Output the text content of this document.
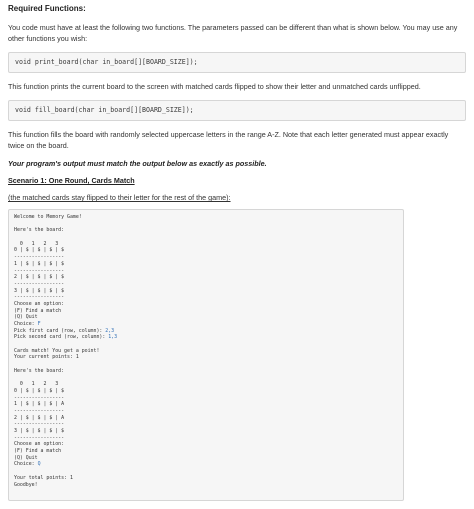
Required Functions:
You code must have at least the following two functions. The parameters passed can be different than what is shown below. You may use any other functions you wish:
void print_board(char in_board[][BOARD_SIZE]);
This function prints the current board to the screen with matched cards flipped to show their letter and unmatched cards unflipped.
void fill_board(char in_board[][BOARD_SIZE]);
This function fills the board with randomly selected uppercase letters in the range A-Z. Note that each letter generated must appear exactly twice on the board.
Your program's output must match the output below as exactly as possible.
Scenario 1: One Round, Cards Match
(the matched cards stay flipped to their letter for the rest of the game):
Welcome to Memory Game!
Here's the board:
0   1   2   3
0 | $ | $ | $ | $
-----------------
1 | $ | $ | $ | $
-----------------
2 | $ | $ | $ | $
-----------------
3 | $ | $ | $ | $
-----------------
Choose an option:
(F) Find a match
(Q) Quit
Choice: F
Pick first card (row, column): 2,3
Pick second card (row, column): 1,3
Cards match! You get a point!
Your current points: 1
Here's the board:
0   1   2   3
0 | $ | $ | $ | $
-----------------
1 | $ | $ | $ | A
-----------------
2 | $ | $ | $ | A
-----------------
3 | $ | $ | $ | $
-----------------
Choose an option:
(F) Find a match
(Q) Quit
Choice: Q
Your total points: 1
Goodbye!
